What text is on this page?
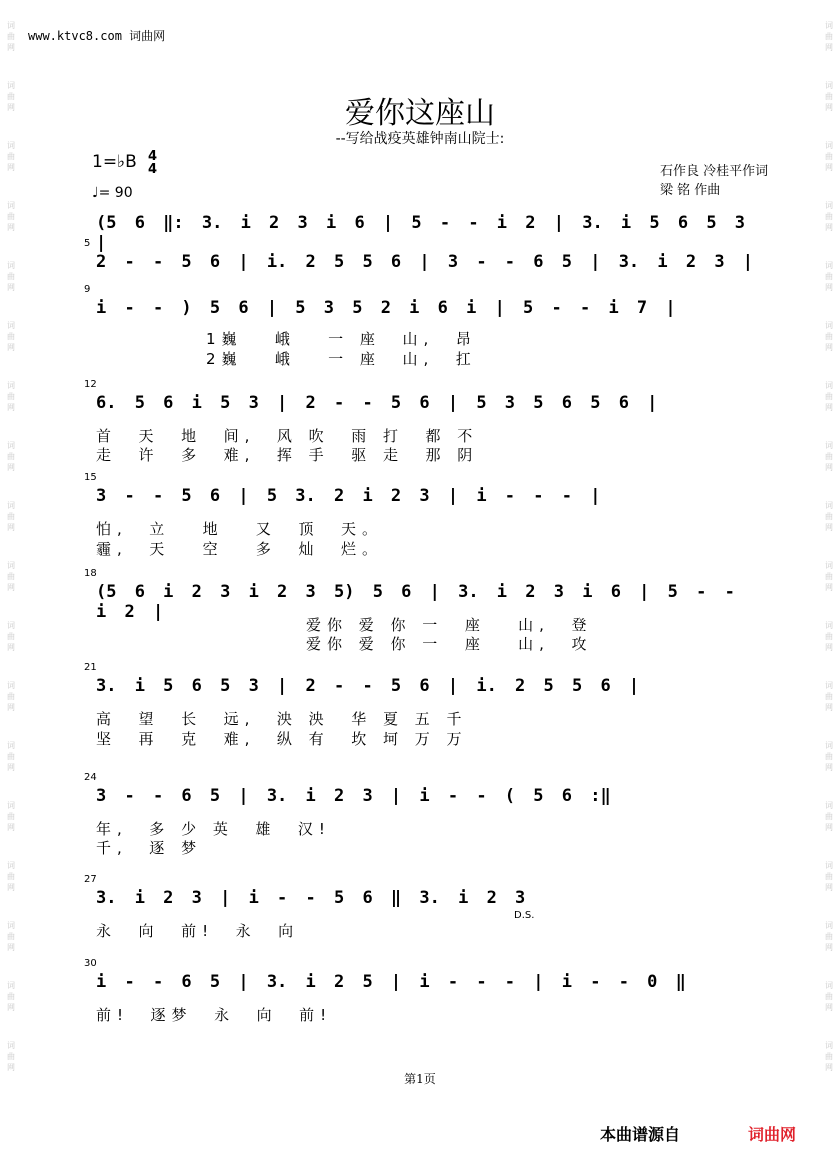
www.ktvc8.com 词曲网
词曲网
词曲网
词曲网
词曲网
词曲网
词曲网
词曲网
词曲网
词曲网
词曲网
词曲网
词曲网
词曲网
词曲网
词曲网
词曲网
词曲网
词曲网
词曲网
词曲网
词曲网
词曲网
词曲网
词曲网
词曲网
词曲网
词曲网
词曲网
词曲网
词曲网
词曲网
词曲网
词曲网
词曲网
词曲网
词曲网
爱你这座山
--写给战疫英雄钟南山院士:
1=♭B 4
4
♩= 90
石作良 冷桂平作词
梁 铭 作曲
(5 6 ‖: 3. i 2 3 i 6 | 5 - - i 2 | 3. i 5 6 5 3 |
5
2 - - 5 6 | i. 2 5 5 6 | 3 - - 6 5 | 3. i 2 3 |
9
i - - ) 5 6 | 5 3 5 2 i 6 i | 5 - - i 7 |
1巍   峨   一 座  山,  昂
2巍   峨   一 座  山,  扛
12
6. 5 6 i 5 3 | 2 - - 5 6 | 5 3 5 6 5 6 |
首  天  地  间,  风 吹  雨 打  都 不
走  许  多  难,  挥 手  驱 走  那 阴
15
3 - - 5 6 | 5 3. 2 i 2 3 | i - - - |
怕,  立   地   又  顶  天。
霾,  天   空   多  灿  烂。
18
(5 6 i 2 3 i 2 3 5) 5 6 | 3. i 2 3 i 6 | 5 - - i 2 |
爱你 爱 你 一  座   山,  登
爱你 爱 你 一  座   山,  攻
21
3. i 5 6 5 3 | 2 - - 5 6 | i. 2 5 5 6 |
高  望  长  远,  泱 泱  华 夏 五 千
坚  再  克  难,  纵 有  坎 坷 万 万
24
3 - - 6 5 | 3. i 2 3 | i - - ( 5 6 :‖
年,  多 少 英  雄  汉!
千,  逐 梦
27
3. i 2 3 | i - - 5 6 ‖ 3. i 2 3
永  向  前!  永  向
D.S.
30
i - - 6 5 | 3. i 2 5 | i - - - | i - - 0 ‖
前!  逐梦  永  向  前!
第1页
本曲谱源自	词曲网
